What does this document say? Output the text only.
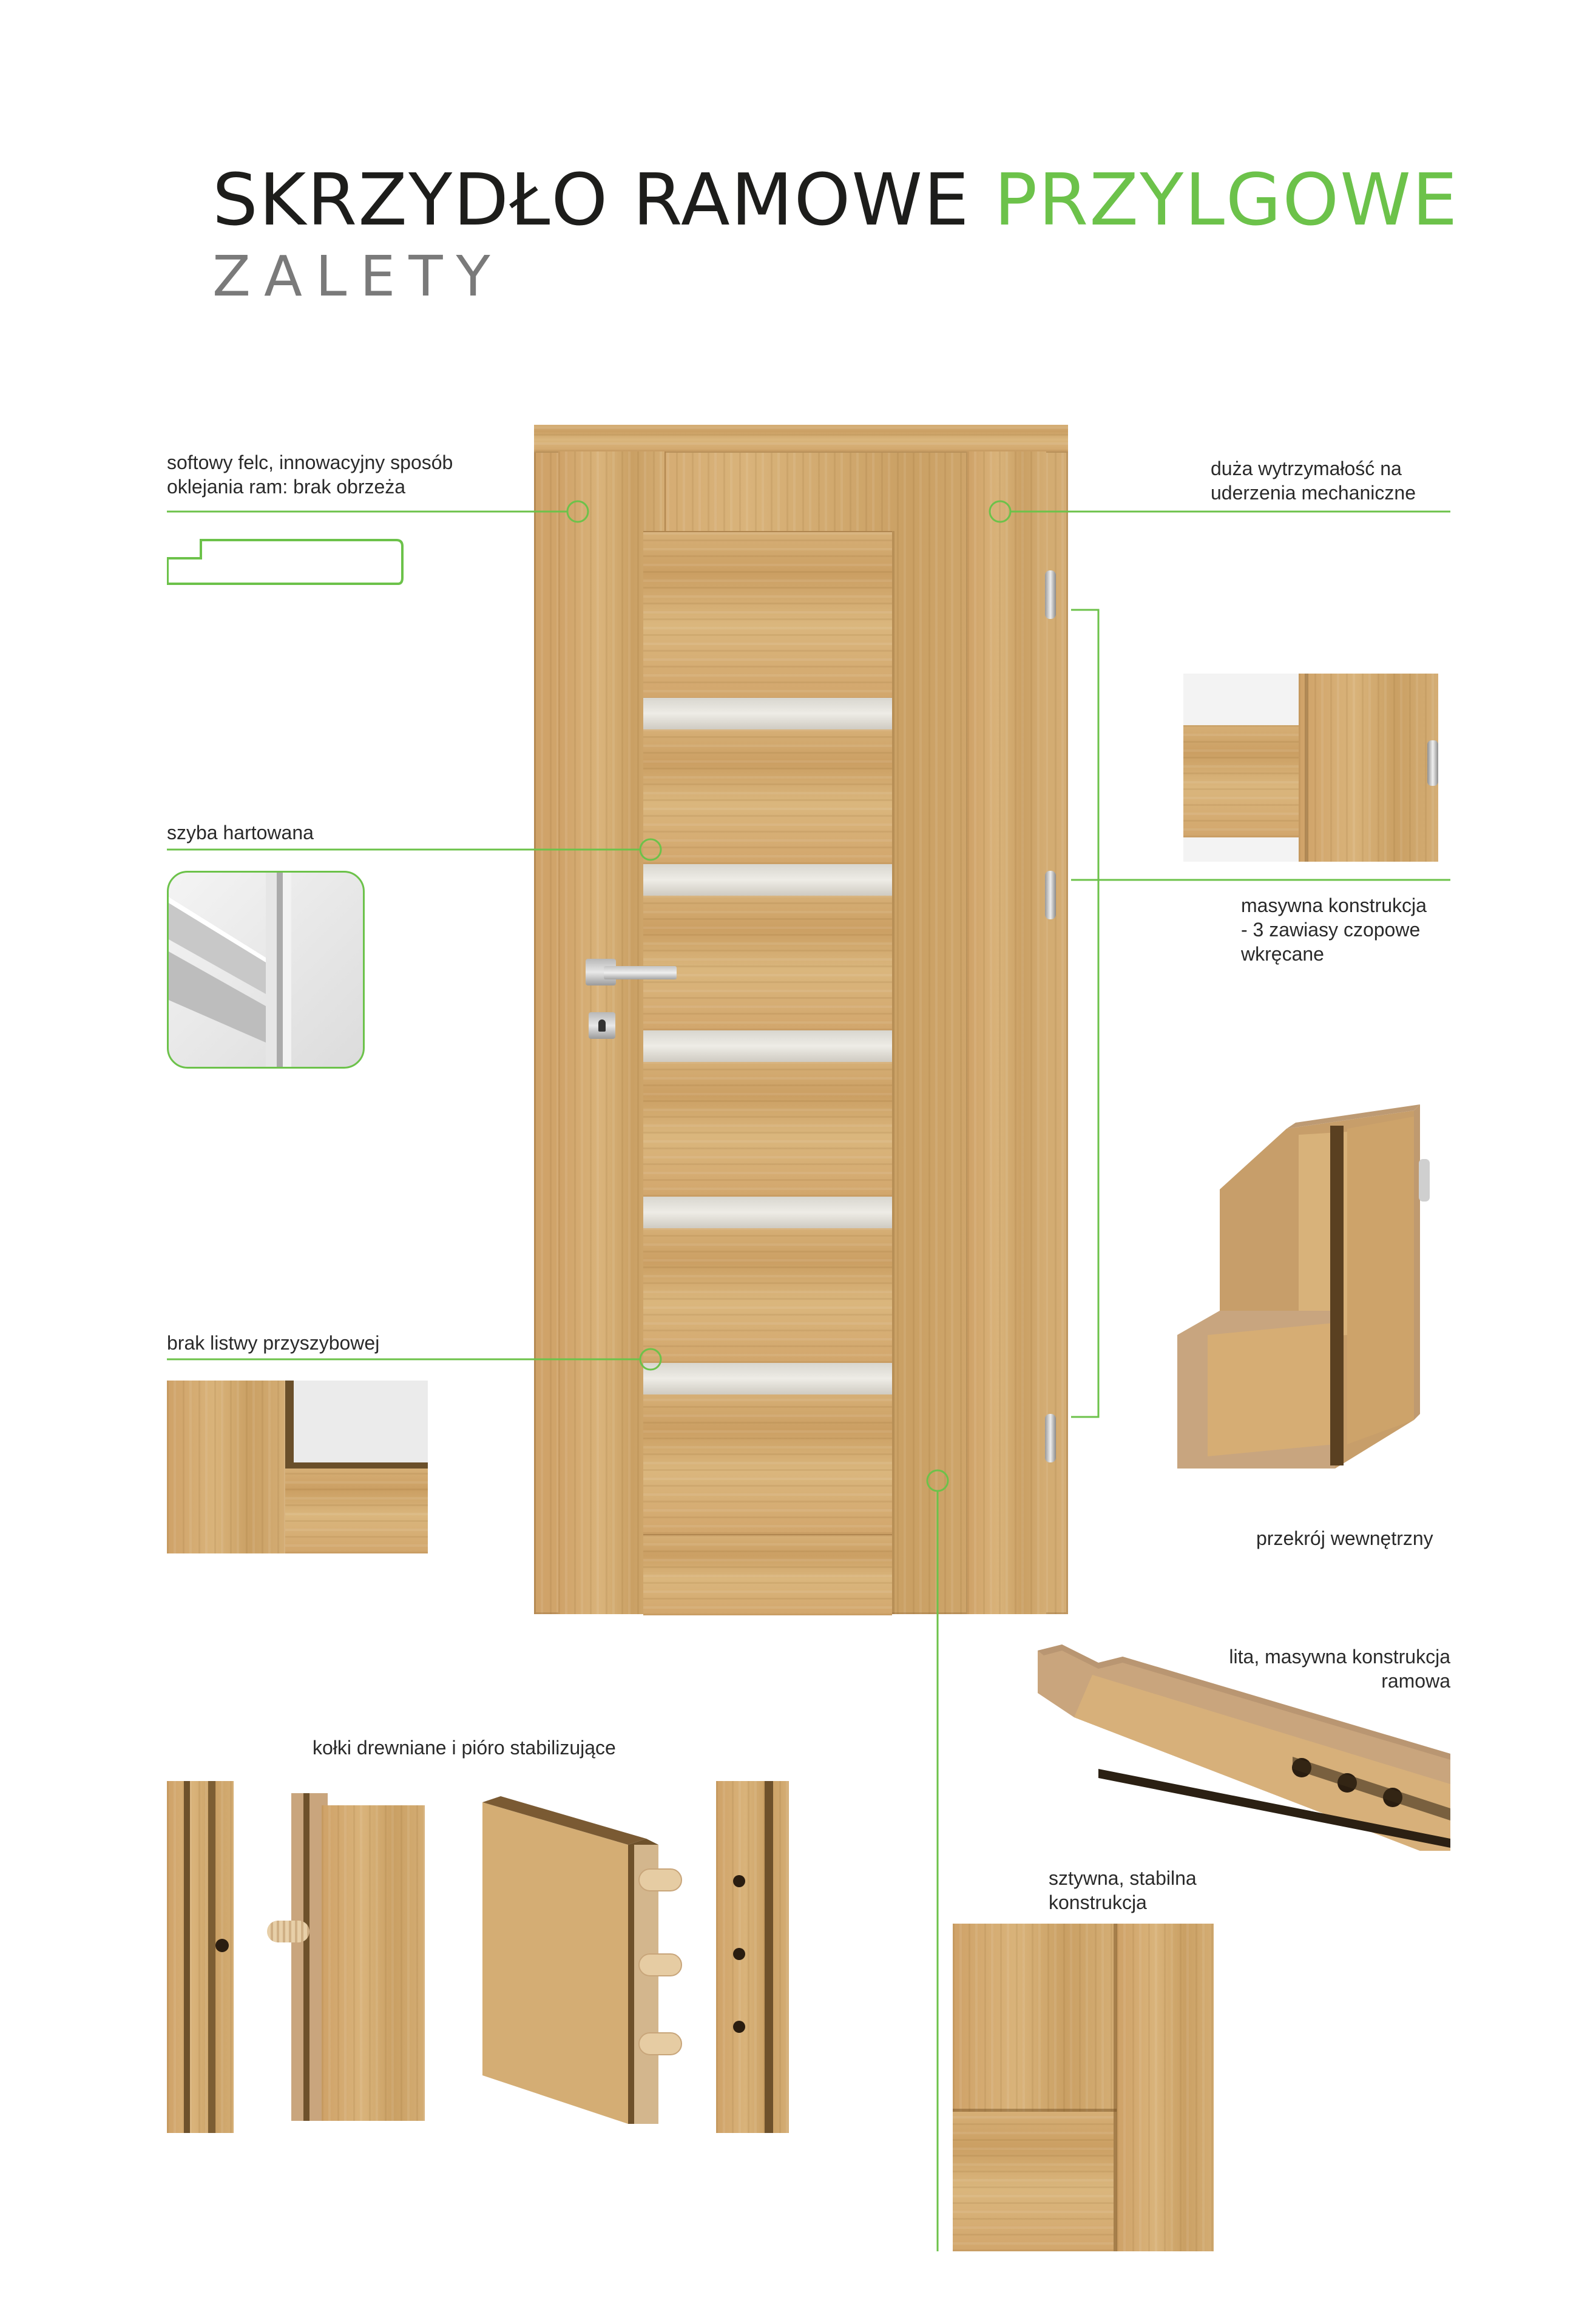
SKRZYDŁO RAMOWE PRZYLGOWE
ZALETY
softowy felc, innowacyjny sposób
oklejania ram: brak obrzeża
duża wytrzymałość na
uderzenia mechaniczne
szyba hartowana
masywna konstrukcja
- 3 zawiasy czopowe
wkręcane
brak listwy przyszybowej
przekrój wewnętrzny
lita, masywna konstrukcja
ramowa
kołki drewniane i pióro stabilizujące
sztywna, stabilna
konstrukcja
